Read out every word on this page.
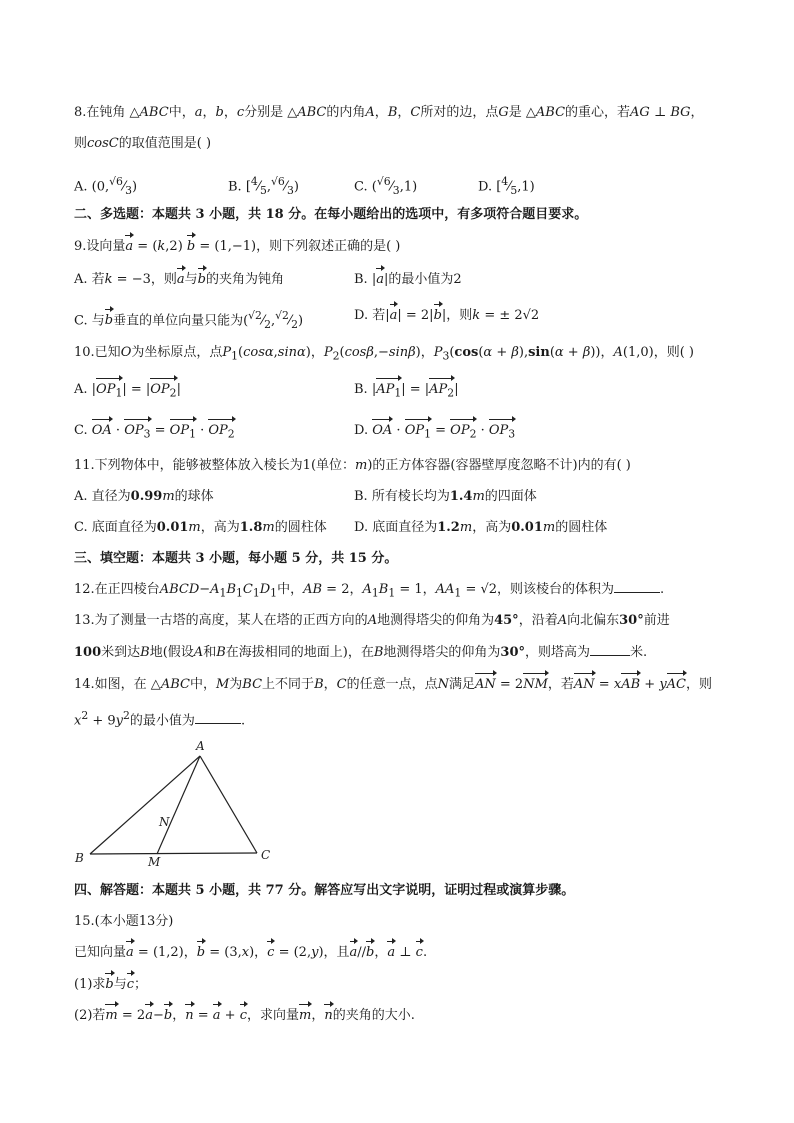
8.在钝角 △ABC中，a，b，c分别是 △ABC的内角A，B，C所对的边，点G是 △ABC的重心，若AG ⊥ BG，
则cosC的取值范围是( )
A. $(0,^{√6}⁄_3)$	B. $[^4⁄_5,^{√6}⁄_3)$	C. $(^{√6}⁄_3,1)$	D. $[^4⁄_5,1)$
二、多选题：本题共 3 小题，共 18 分。在每小题给出的选项中，有多项符合题目要求。
9.设向量a = (k,2) b = (1,−1)，则下列叙述正确的是( )
A. 若k = −3，则a与b的夹角为钝角	B. |a|的最小值为2
C. 与b垂直的单位向量只能为$(^{√2}⁄_2,^{√2}⁄_2)$	D. 若|a| = 2|b|，则k = ± 2√2
10.已知O为坐标原点，点$P_1(\cos\alpha,\sin\alpha)$，$P_2(\cos\beta,-\sin\beta)$，$P_3(\cos(\alpha + \beta),\sin(\alpha + \beta))$，A(1,0)，则( )
A. $|OP_1| = |OP_2|$	B. $|AP_1| = |AP_2|$
C. OA · $OP_3 = OP_1 \cdot OP_2$	D. OA · $OP_1 = OP_2 \cdot OP_3$
11.下列物体中，能够被整体放入棱长为1(单位：m)的正方体容器(容器壁厚度忽略不计)内的有( )
A. 直径为0.99m的球体	B. 所有棱长均为1.4m的四面体
C. 底面直径为0.01m，高为1.8m的圆柱体 D. 底面直径为1.2m，高为0.01m的圆柱体
三、填空题：本题共 3 小题，每小题 5 分，共 15 分。
12.在正四棱台$ABCD-A_1B_1C_1D_1$中，AB = 2，$A_1B_1 = 1$，$AA_1 = √2$，则该棱台的体积为	.
13.为了测量一古塔的高度，某人在塔的正西方向的A地测得塔尖的仰角为45°，沿着A向北偏东30°前进
100米到达B地(假设A和B在海拔相同的地面上)，在B地测得塔尖的仰角为30°，则塔高为	米.
14.如图，在 △ABC中，M为BC上不同于B，C的任意一点，点N满足AN = 2NM，若AN = xAB + yAC，则
$x^2 + 9y^2$的最小值为	.
A
B	C
M
N
四、解答题：本题共 5 小题，共 77 分。解答应写出文字说明，证明过程或演算步骤。
15.(本小题13分)
已知向量a = (1,2)，b = (3,x)，c = (2,y)，且a//b，a ⊥ c.
(1)求b与c；
(2)若m = 2a−b，n = a + c，求向量m，n的夹角的大小.
